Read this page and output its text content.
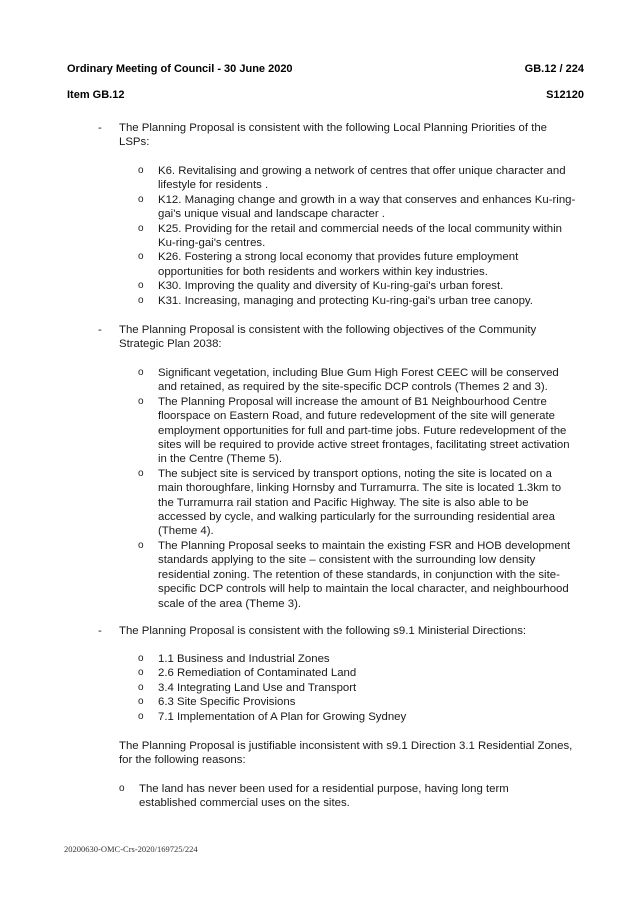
Ordinary Meeting of Council - 30 June 2020	GB.12 / 224
Item GB.12	S12120
-	The Planning Proposal is consistent with the following Local Planning Priorities of the LSPs:
o K6. Revitalising and growing a network of centres that offer unique character and lifestyle for residents .
o K12. Managing change and growth in a way that conserves and enhances Ku-ring-gai's unique visual and landscape character .
o K25. Providing for the retail and commercial needs of the local community within Ku-ring-gai's centres.
o K26. Fostering a strong local economy that provides future employment opportunities for both residents and workers within key industries.
o K30. Improving the quality and diversity of Ku-ring-gai's urban forest.
o K31. Increasing, managing and protecting Ku-ring-gai's urban tree canopy.
-	The Planning Proposal is consistent with the following objectives of the Community Strategic Plan 2038:
o Significant vegetation, including Blue Gum High Forest CEEC will be conserved and retained, as required by the site-specific DCP controls (Themes 2 and 3).
o The Planning Proposal will increase the amount of B1 Neighbourhood Centre floorspace on Eastern Road, and future redevelopment of the site will generate employment opportunities for full and part-time jobs. Future redevelopment of the sites will be required to provide active street frontages, facilitating street activation in the Centre (Theme 5).
o The subject site is serviced by transport options, noting the site is located on a main thoroughfare, linking Hornsby and Turramurra. The site is located 1.3km to the Turramurra rail station and Pacific Highway. The site is also able to be accessed by cycle, and walking particularly for the surrounding residential area (Theme 4).
o The Planning Proposal seeks to maintain the existing FSR and HOB development standards applying to the site – consistent with the surrounding low density residential zoning. The retention of these standards, in conjunction with the site-specific DCP controls will help to maintain the local character, and neighbourhood scale of the area (Theme 3).
-	The Planning Proposal is consistent with the following s9.1 Ministerial Directions:
o 1.1 Business and Industrial Zones
o 2.6 Remediation of Contaminated Land
o 3.4 Integrating Land Use and Transport
o 6.3 Site Specific Provisions
o 7.1 Implementation of A Plan for Growing Sydney
The Planning Proposal is justifiable inconsistent with s9.1 Direction 3.1 Residential Zones, for the following reasons:
o The land has never been used for a residential purpose, having long term established commercial uses on the sites.
20200630-OMC-Crs-2020/169725/224
